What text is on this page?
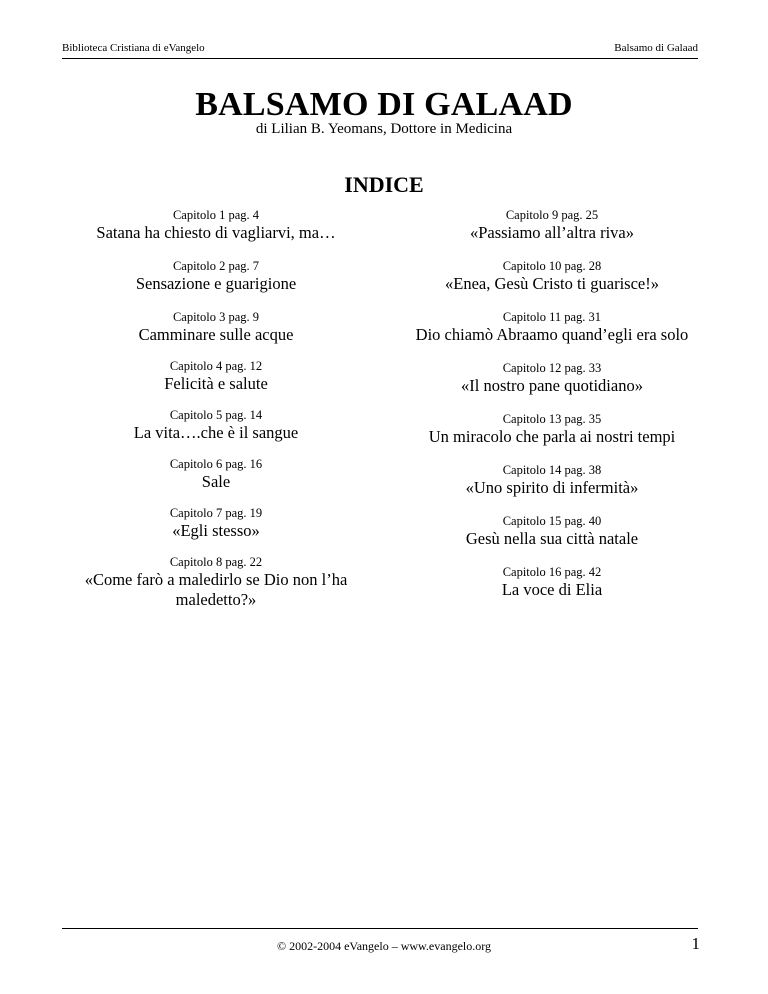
Biblioteca Cristiana di eVangelo	Balsamo di Galaad
BALSAMO DI GALAAD
di Lilian B. Yeomans, Dottore in Medicina
INDICE
Capitolo 1 pag. 4
Satana ha chiesto di vagliarvi, ma…
Capitolo 2 pag. 7
Sensazione e guarigione
Capitolo 3 pag. 9
Camminare sulle acque
Capitolo 4 pag. 12
Felicità e salute
Capitolo 5 pag. 14
La vita….che è il sangue
Capitolo 6 pag. 16
Sale
Capitolo 7 pag. 19
«Egli stesso»
Capitolo 8 pag. 22
«Come farò a maledirlo se Dio non l’ha maledetto?»
Capitolo 9 pag. 25
«Passiamo all’altra riva»
Capitolo 10 pag. 28
«Enea, Gesù Cristo ti guarisce!»
Capitolo 11 pag. 31
Dio chiamò Abraamo quand’egli era solo
Capitolo 12 pag. 33
«Il nostro pane quotidiano»
Capitolo 13 pag. 35
Un miracolo che parla ai nostri tempi
Capitolo 14 pag. 38
«Uno spirito di infermità»
Capitolo 15 pag. 40
Gesù nella sua città natale
Capitolo 16 pag. 42
La voce di Elia
© 2002-2004 eVangelo – www.evangelo.org	1
